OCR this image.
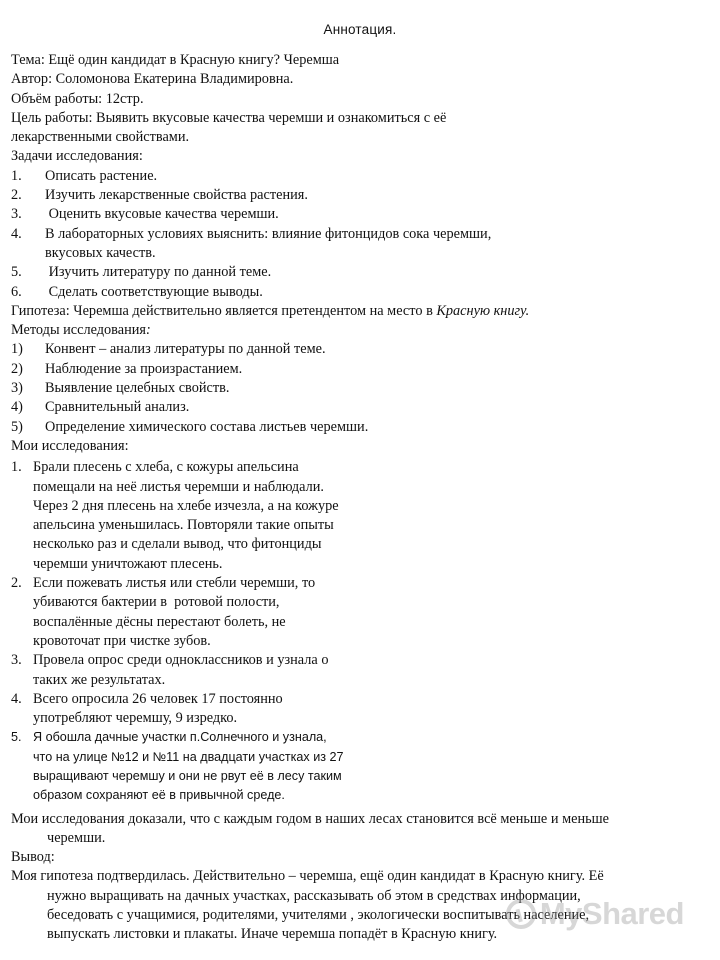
Аннотация.
Тема: Ещё один кандидат в Красную книгу? Черемша
Автор: Соломонова Екатерина Владимировна.
Объём работы: 12стр.
Цель работы: Выявить вкусовые качества черемши и ознакомиться с её
лекарственными свойствами.
Задачи исследования:
1.	Описать растение.
2.	Изучить лекарственные свойства растения.
3.	Оценить вкусовые качества черемши.
4.	В лабораторных условиях выяснить: влияние фитонцидов сока черемши,
вкусовых качеств.
5.	Изучить литературу по данной теме.
6.	Сделать соответствующие выводы.
Гипотеза: Черемша действительно является претендентом на место в Красную книгу.
Методы исследования:
1)	Конвент – анализ литературы по данной теме.
2)	Наблюдение за произрастанием.
3)	Выявление целебных свойств.
4)	Сравнительный анализ.
5)	Определение химического состава листьев черемши.
Мои исследования:
1. Брали плесень с хлеба, с кожуры апельсина
помещали на неё листья черемши и наблюдали.
Через 2 дня плесень на хлебе изчезла, а на кожуре
апельсина уменьшилась. Повторяли такие опыты
несколько раз и сделали вывод, что фитонциды
черемши уничтожают плесень.
2. Если пожевать листья или стебли черемши, то
убиваются бактерии в  ротовой полости,
воспалённые дёсны перестают болеть, не
кровоточат при чистке зубов.
3. Провела опрос среди одноклассников и узнала о
таких же результатах.
4. Всего опросила 26 человек 17 постоянно
употребляют черемшу, 9 изредко.
5. Я обошла дачные участки п.Солнечного и узнала,
что на улице №12 и №11 на двадцати участках из 27
выращивают черемшу и они не рвут её в лесу таким
образом сохраняют её в привычной среде.
Мои исследования доказали, что с каждым годом в наших лесах становится всё меньше и меньше
черемши.
Вывод:
Моя гипотеза подтвердилась. Действительно – черемша, ещё один кандидат в Красную книгу. Её
нужно выращивать на дачных участках, рассказывать об этом в средствах информации,
беседовать с учащимися, родителями, учителями , экологически воспитывать население,
выпускать листовки и плакаты. Иначе черемша попадёт в Красную книгу.
MyShared
